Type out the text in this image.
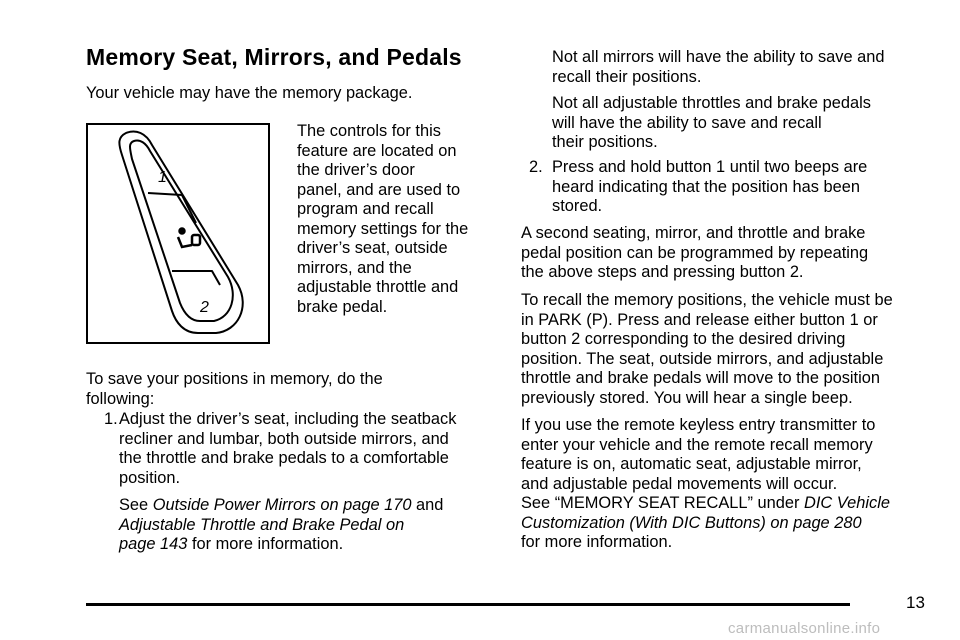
Memory Seat, Mirrors, and Pedals

Your vehicle may have the memory package.

1
2
The controls for this
feature are located on
the driver’s door
panel, and are used to
program and recall
memory settings for the
driver’s seat, outside
mirrors, and the
adjustable throttle and
brake pedal.
To save your positions in memory, do the
following:
1. Adjust the driver’s seat, including the seatback
recliner and lumbar, both outside mirrors, and
the throttle and brake pedals to a comfortable
position.
See Outside Power Mirrors on page 170 and
Adjustable Throttle and Brake Pedal on
page 143 for more information.
Not all mirrors will have the ability to save and
recall their positions.
Not all adjustable throttles and brake pedals
will have the ability to save and recall
their positions.
2. Press and hold button 1 until two beeps are
heard indicating that the position has been
stored.
A second seating, mirror, and throttle and brake
pedal position can be programmed by repeating
the above steps and pressing button 2.
To recall the memory positions, the vehicle must be
in PARK (P). Press and release either button 1 or
button 2 corresponding to the desired driving
position. The seat, outside mirrors, and adjustable
throttle and brake pedals will move to the position
previously stored. You will hear a single beep.
If you use the remote keyless entry transmitter to
enter your vehicle and the remote recall memory
feature is on, automatic seat, adjustable mirror,
and adjustable pedal movements will occur.
See “MEMORY SEAT RECALL” under DIC Vehicle
Customization (With DIC Buttons) on page 280
for more information.
13
carmanualsonline.info
